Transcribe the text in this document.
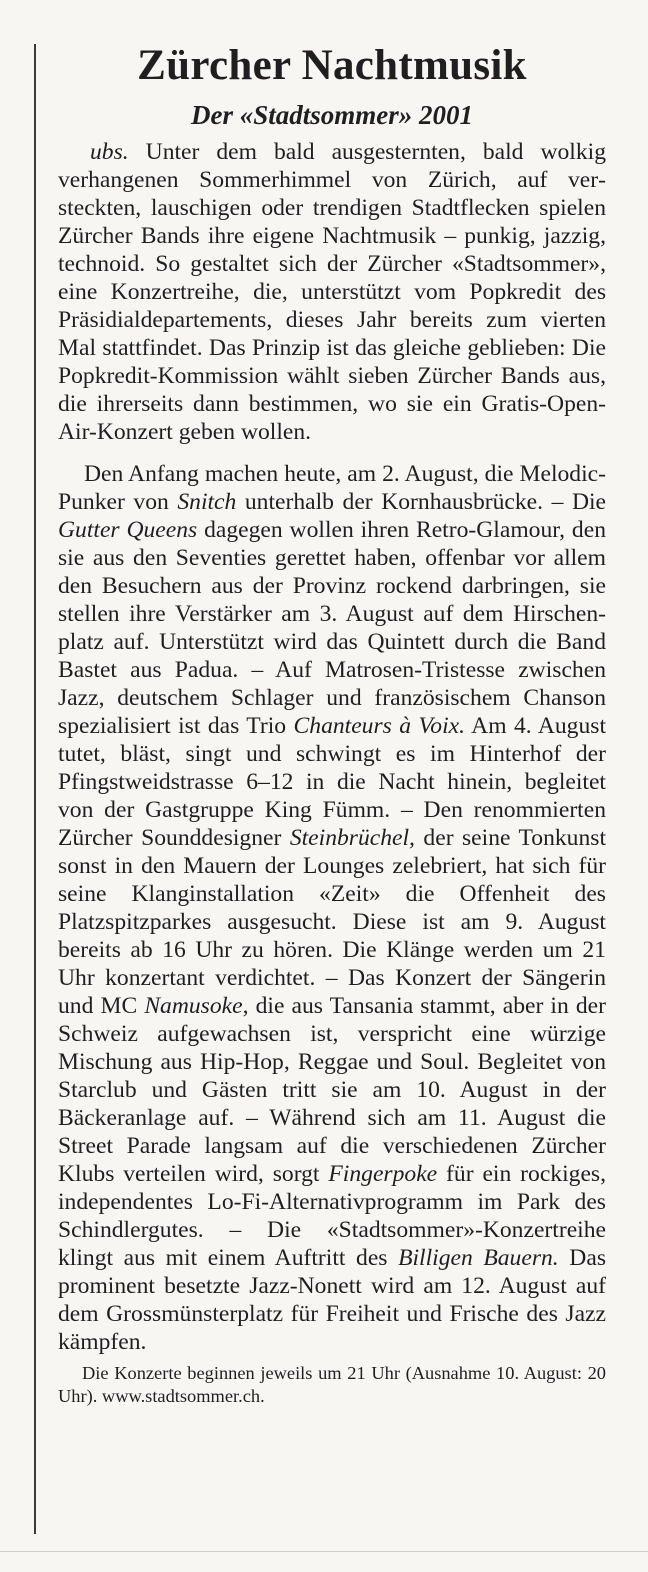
Zürcher Nachtmusik
Der «Stadtsommer» 2001

ubs. Unter dem bald ausgesternten, bald wolkig verhangenen Sommerhimmel von Zürich, auf versteckten, lauschigen oder trendigen Stadtflecken spielen Zürcher Bands ihre eigene Nachtmusik – punkig, jazzig, technoid. So gestaltet sich der Zürcher «Stadtsommer», eine Konzertreihe, die, unterstützt vom Popkredit des Präsidialdepartements, dieses Jahr bereits zum vierten Mal stattfindet. Das Prinzip ist das gleiche geblieben: Die Popkredit-Kommission wählt sieben Zürcher Bands aus, die ihrerseits dann bestimmen, wo sie ein Gratis-Open-Air-Konzert geben wollen.

Den Anfang machen heute, am 2. August, die Melodic-Punker von Snitch unterhalb der Kornhausbrücke. – Die Gutter Queens dagegen wollen ihren Retro-Glamour, den sie aus den Seventies gerettet haben, offenbar vor allem den Besuchern aus der Provinz rockend darbringen, sie stellen ihre Verstärker am 3. August auf dem Hirschenplatz auf. Unterstützt wird das Quintett durch die Band Bastet aus Padua. – Auf Matrosen-Tristesse zwischen Jazz, deutschem Schlager und französischem Chanson spezialisiert ist das Trio Chanteurs à Voix. Am 4. August tutet, bläst, singt und schwingt es im Hinterhof der Pfingstweidstrasse 6–12 in die Nacht hinein, begleitet von der Gastgruppe King Fümm. – Den renommierten Zürcher Sounddesigner Steinbrüchel, der seine Tonkunst sonst in den Mauern der Lounges zelebriert, hat sich für seine Klanginstallation «Zeit» die Offenheit des Platzspitzparkes ausgesucht. Diese ist am 9. August bereits ab 16 Uhr zu hören. Die Klänge werden um 21 Uhr konzertant verdichtet. – Das Konzert der Sängerin und MC Namusoke, die aus Tansania stammt, aber in der Schweiz aufgewachsen ist, verspricht eine würzige Mischung aus Hip-Hop, Reggae und Soul. Begleitet von Starclub und Gästen tritt sie am 10. August in der Bäckeranlage auf. – Während sich am 11. August die Street Parade langsam auf die verschiedenen Zürcher Klubs verteilen wird, sorgt Fingerpoke für ein rockiges, independentes Lo-Fi-Alternativprogramm im Park des Schindlergutes. – Die «Stadtsommer»-Konzertreihe klingt aus mit einem Auftritt des Billigen Bauern. Das prominent besetzte Jazz-Nonett wird am 12. August auf dem Grossmünsterplatz für Freiheit und Frische des Jazz kämpfen.

Die Konzerte beginnen jeweils um 21 Uhr (Ausnahme 10. August: 20 Uhr). www.stadtsommer.ch.
